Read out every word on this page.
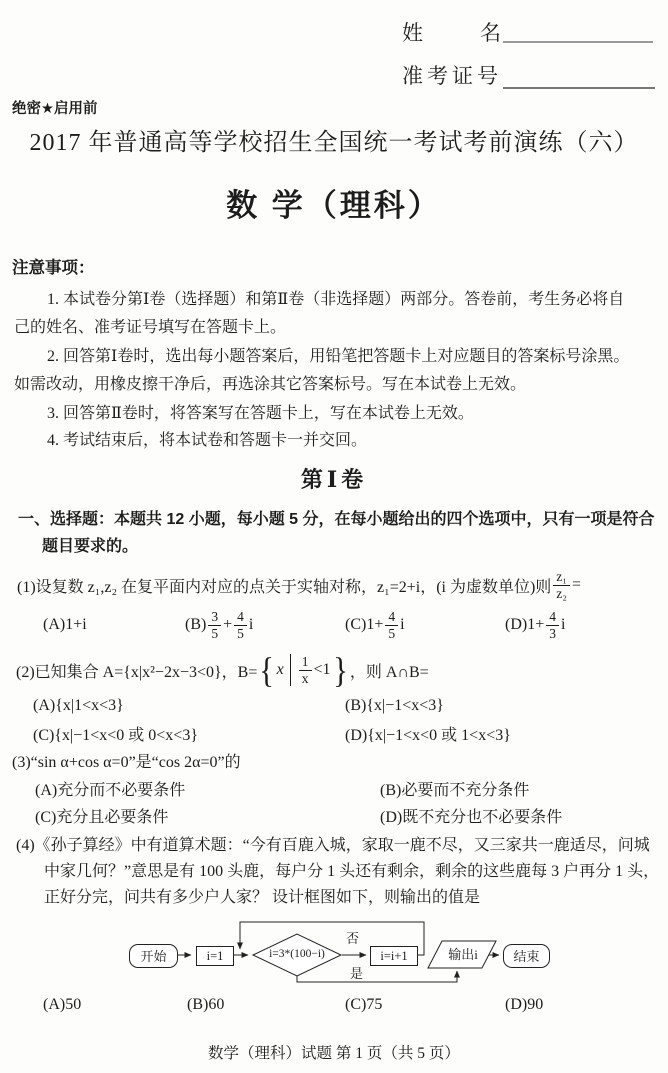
姓	名
准考证号
绝密★启用前
2017 年普通高等学校招生全国统一考试考前演练（六）
数 学（理科）
注意事项：
1. 本试卷分第Ⅰ卷（选择题）和第Ⅱ卷（非选择题）两部分。答卷前，考生务必将自
己的姓名、准考证号填写在答题卡上。
2. 回答第Ⅰ卷时，选出每小题答案后，用铅笔把答题卡上对应题目的答案标号涂黑。
如需改动，用橡皮擦干净后，再选涂其它答案标号。写在本试卷上无效。
3. 回答第Ⅱ卷时，将答案写在答题卡上，写在本试卷上无效。
4. 考试结束后，将本试卷和答题卡一并交回。
第Ⅰ卷
一、选择题：本题共 12 小题，每小题 5 分，在每小题给出的四个选项中，只有一项是符合
题目要求的。
(1)设复数 z₁,z₂ 在复平面内对应的点关于实轴对称，z₁=2+i，(i 为虚数单位)则 $\frac{\text{z₁}}{\text{z₂}}$ =
(A)1+i	$(B) \frac{3}{5} + \frac{4}{5}$ i	$(C)1+ \frac{4}{5}$ i	$(D)1+ \frac{4}{3}$ i
(2)已知集合 A={x|x²−2x−3<0}，B= { x $\frac{1}{x} <1$ } ，则 A∩B=
(A){x|1<x<3}	(B){x|−1<x<3}
(C){x|−1<x<0 或 0<x<3}	(D){x|−1<x<0 或 1<x<3}
(3)“sin α+cos α=0”是“cos 2α=0”的
(A)充分而不必要条件	(B)必要而不充分条件
(C)充分且必要条件	(D)既不充分也不必要条件
(4)《孙子算经》中有道算术题：“今有百鹿入城，家取一鹿不尽，又三家共一鹿适尽，问城
中家几何？”意思是有 100 头鹿，每户分 1 头还有剩余，剩余的这些鹿每 3 户再分 1 头，
正好分完，问共有多少户人家？ 设计框图如下，则输出的值是
开始	i=1	i=3*(100−i)	i=i+1	输出i	结束
否
是
(A)50	(B)60	(C)75	(D)90
数学（理科）试题 第 1 页（共 5 页）
